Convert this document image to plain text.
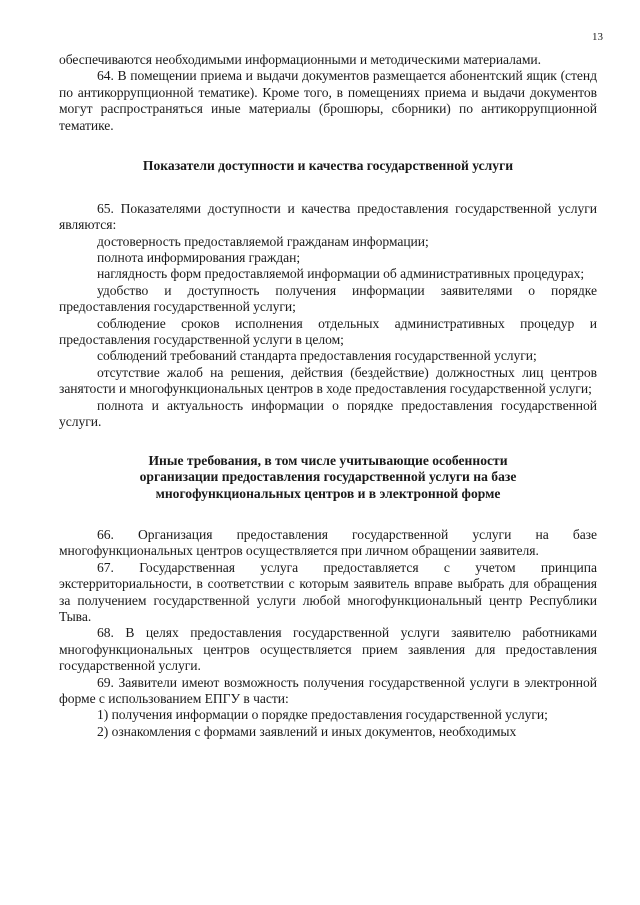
13

обеспечиваются необходимыми информационными и методическими материалами.

64. В помещении приема и выдачи документов размещается абонентский ящик (стенд по антикоррупционной тематике). Кроме того, в помещениях приема и выдачи документов могут распространяться иные материалы (брошюры, сборники) по антикоррупционной тематике.

Показатели доступности и качества государственной услуги

65. Показателями доступности и качества предоставления государственной услуги являются:

достоверность предоставляемой гражданам информации;

полнота информирования граждан;

наглядность форм предоставляемой информации об административных процедурах;

удобство и доступность получения информации заявителями о порядке предоставления государственной услуги;

соблюдение сроков исполнения отдельных административных процедур и предоставления государственной услуги в целом;

соблюдений требований стандарта предоставления государственной услуги;

отсутствие жалоб на решения, действия (бездействие) должностных лиц центров занятости и многофункциональных центров в ходе предоставления государственной услуги;

полнота и актуальность информации о порядке предоставления государственной услуги.

Иные требования, в том числе учитывающие особенности
организации предоставления государственной услуги на базе
многофункциональных центров и в электронной форме

66. Организация предоставления государственной услуги на базе многофункциональных центров осуществляется при личном обращении заявителя.

67. Государственная услуга предоставляется с учетом принципа экстерриториальности, в соответствии с которым заявитель вправе выбрать для обращения за получением государственной услуги любой многофункциональный центр Республики Тыва.

68. В целях предоставления государственной услуги заявителю работниками многофункциональных центров осуществляется прием заявления для предоставления государственной услуги.

69. Заявители имеют возможность получения государственной услуги в электронной форме с использованием ЕПГУ в части:

1) получения информации о порядке предоставления государственной услуги;

2) ознакомления с формами заявлений и иных документов, необходимых
